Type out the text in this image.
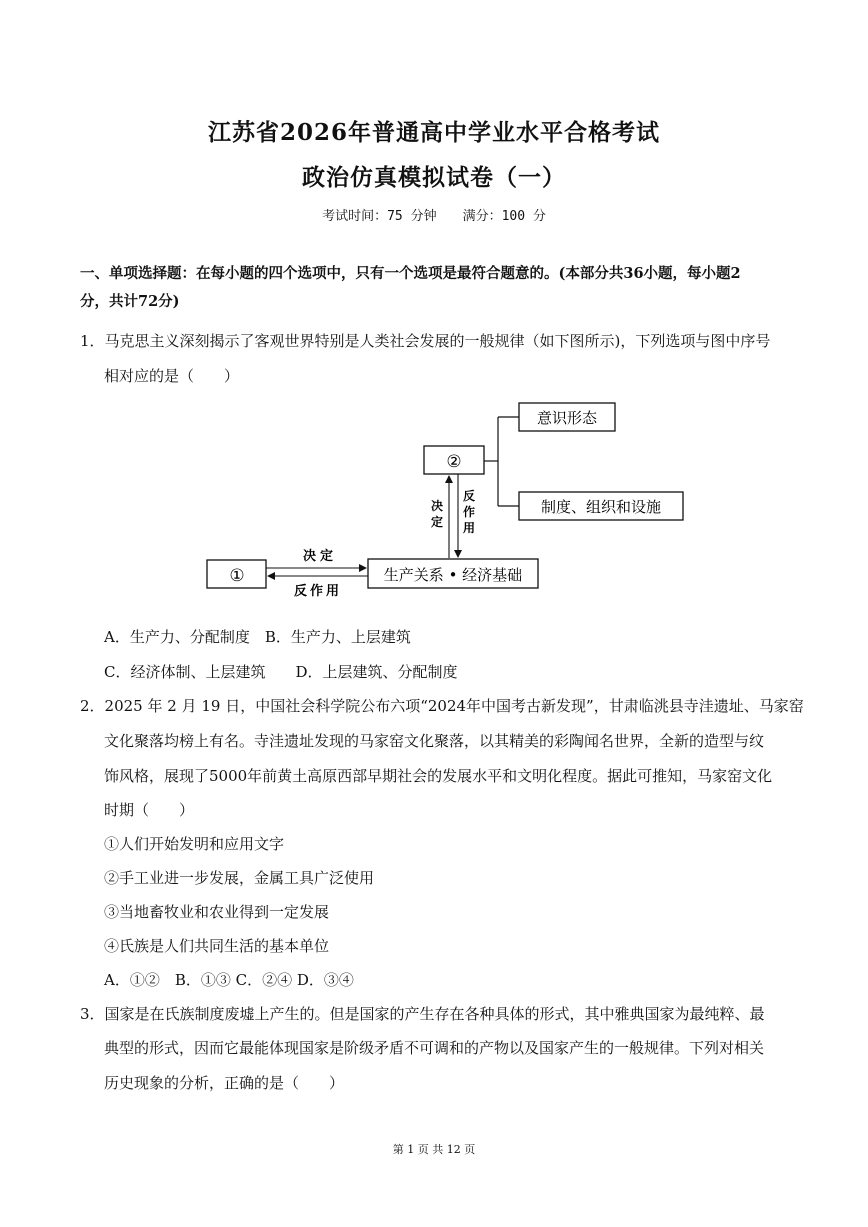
江苏省2026年普通高中学业水平合格考试
政治仿真模拟试卷（一）
考试时间：75 分钟　　满分：100 分
一、单项选择题：在每小题的四个选项中，只有一个选项是最符合题意的。(本部分共36小题，每小题2
分，共计72分)
1．马克思主义深刻揭示了客观世界特别是人类社会发展的一般规律（如下图所示)，下列选项与图中序号
相对应的是（　　）
②
意识形态
制度、组织和设施
①	生产关系 • 经济基础
决定
反作用
决
定
反
作
用
A．生产力、分配制度　B．生产力、上层建筑
C．经济体制、上层建筑　　D．上层建筑、分配制度
2．2025 年 2 月 19 日，中国社会科学院公布六项“2024年中国考古新发现”，甘肃临洮县寺洼遗址、马家窑
文化聚落均榜上有名。寺洼遗址发现的马家窑文化聚落，以其精美的彩陶闻名世界，全新的造型与纹
饰风格，展现了5000年前黄土高原西部早期社会的发展水平和文明化程度。据此可推知，马家窑文化
时期（　　）
①人们开始发明和应用文字
②手工业进一步发展，金属工具广泛使用
③当地畜牧业和农业得到一定发展
④氏族是人们共同生活的基本单位
A．①②　B．①③ C．②④ D．③④
3．国家是在氏族制度废墟上产生的。但是国家的产生存在各种具体的形式，其中雅典国家为最纯粹、最
典型的形式，因而它最能体现国家是阶级矛盾不可调和的产物以及国家产生的一般规律。下列对相关
历史现象的分析，正确的是（　　）
第 1 页 共 12 页
